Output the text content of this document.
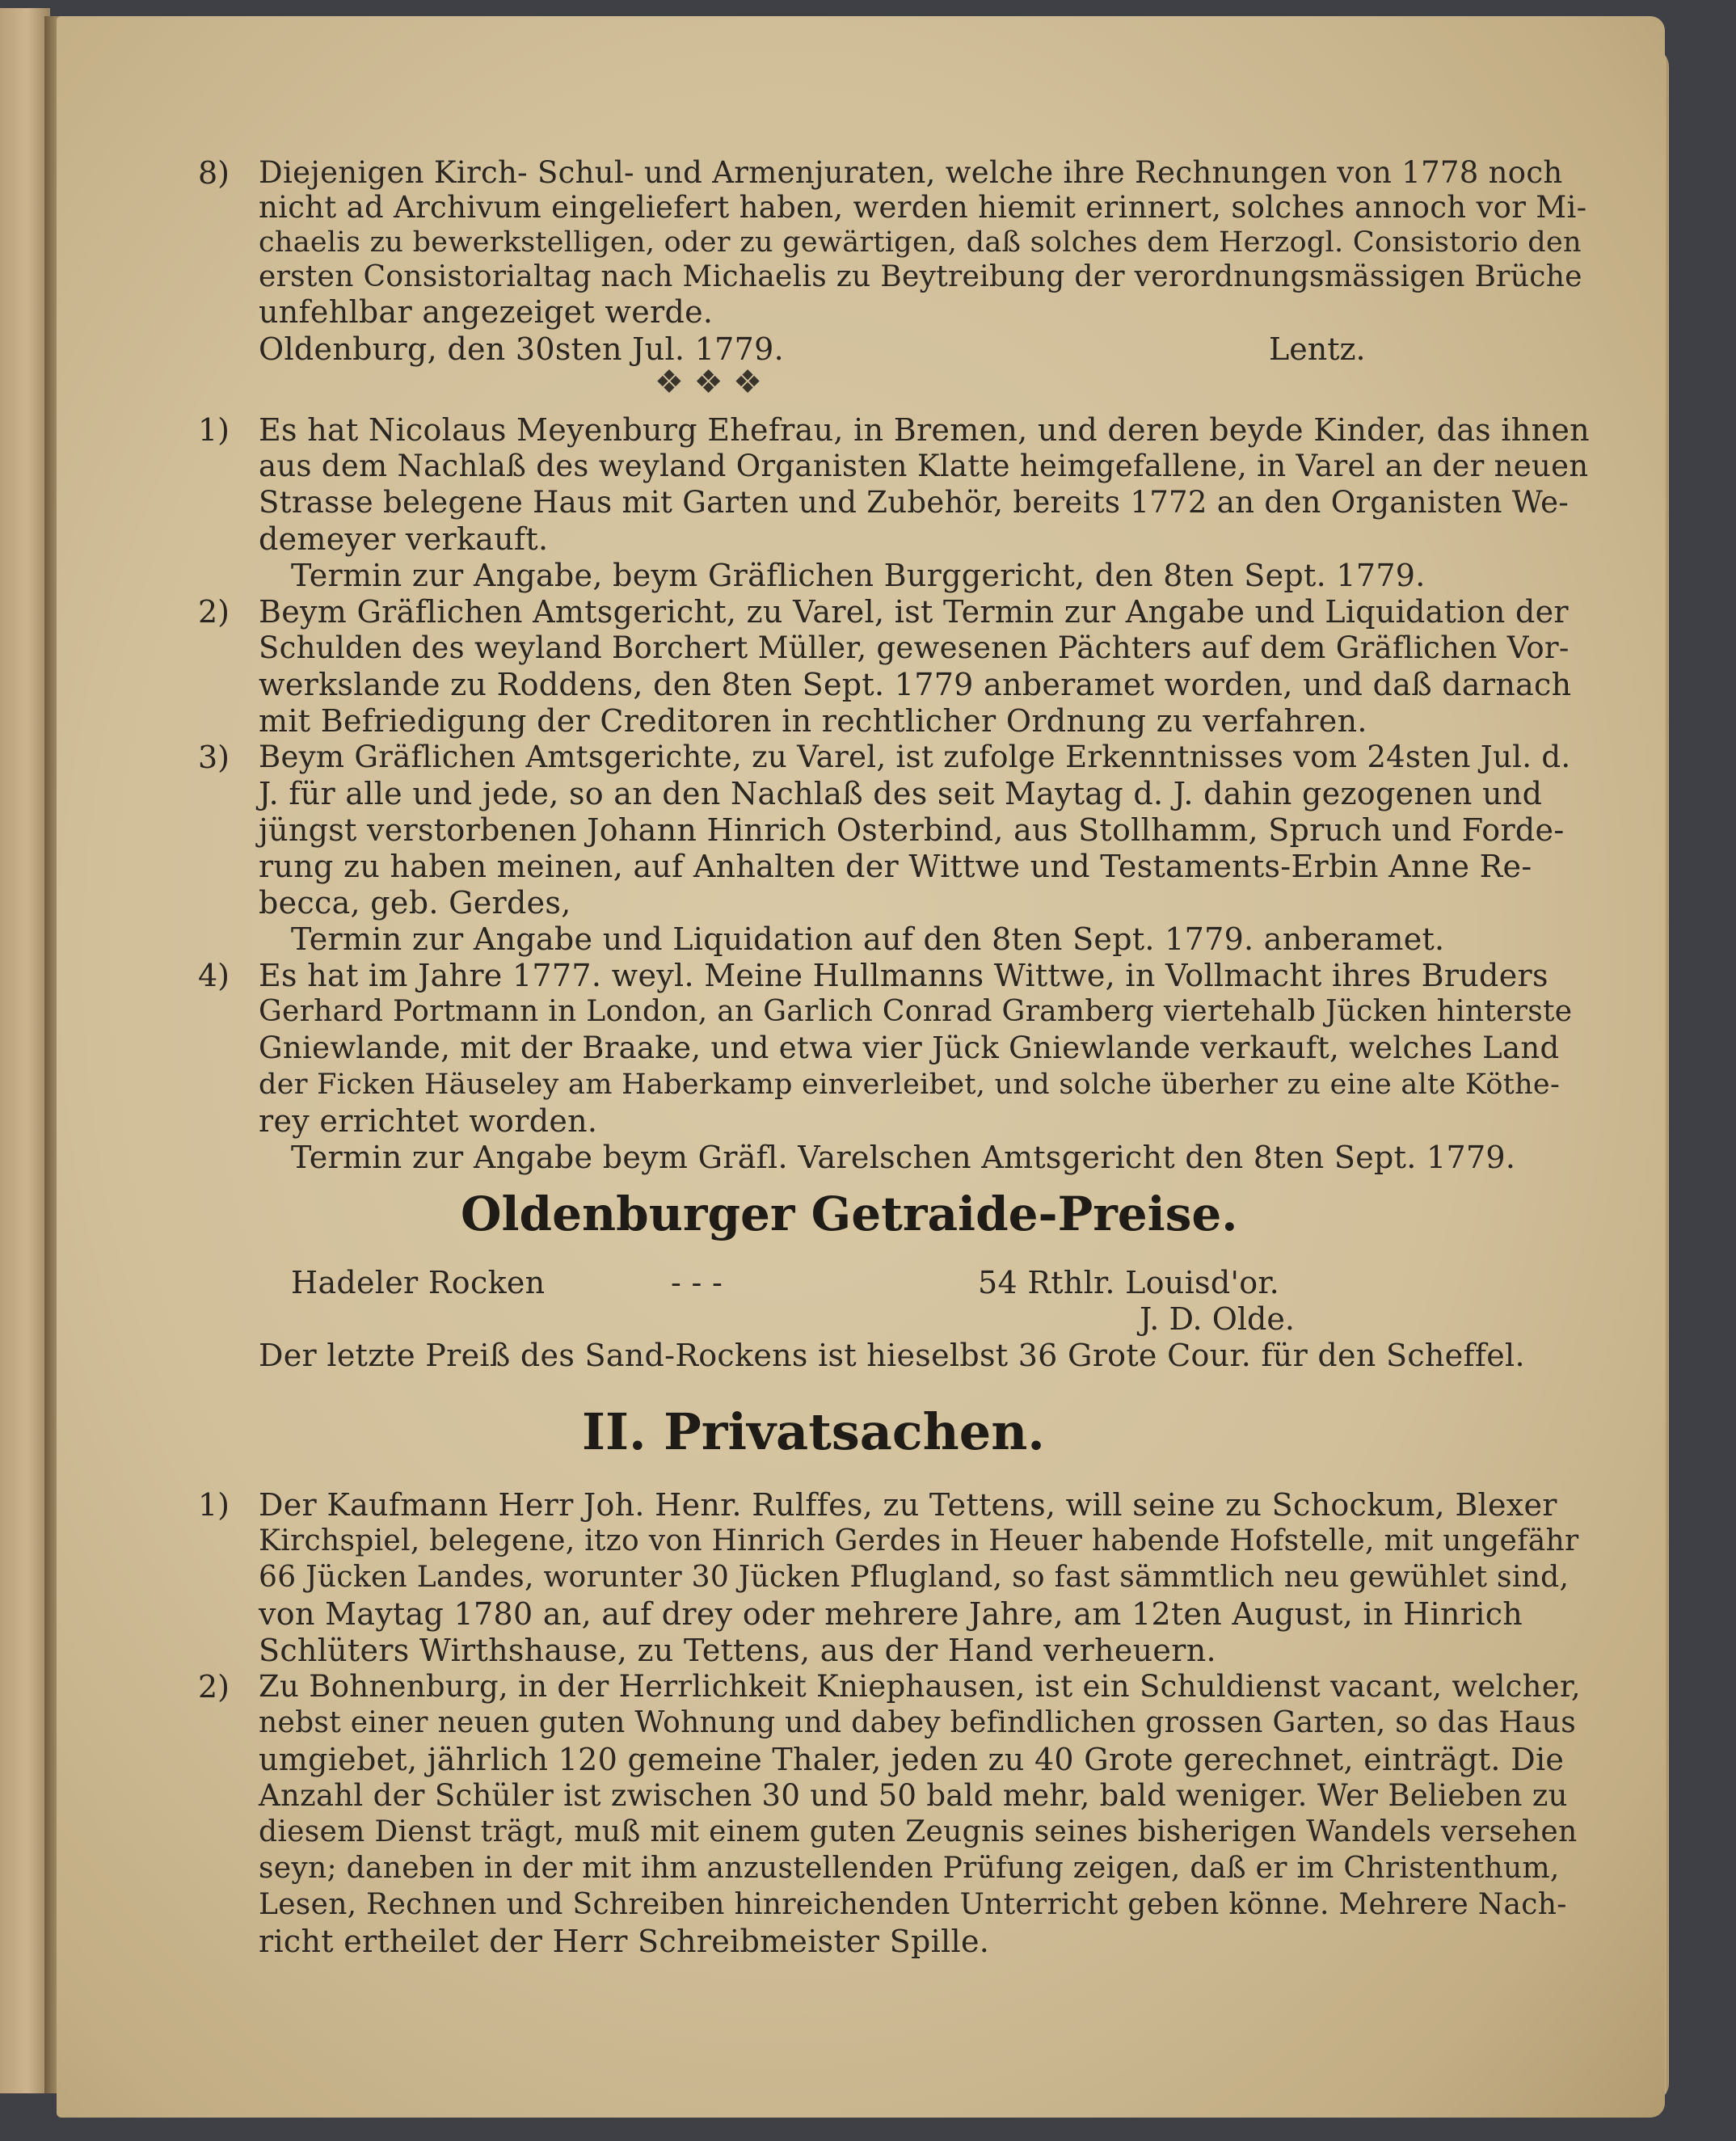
8) Diejenigen Kirch- Schul- und Armenjuraten, welche ihre Rechnungen von 1778 noch
nicht ad Archivum eingeliefert haben, werden hiemit erinnert, solches annoch vor Mi-
chaelis zu bewerkstelligen, oder zu gewärtigen, daß solches dem Herzogl. Consistorio den
ersten Consistorialtag nach Michaelis zu Beytreibung der verordnungsmässigen Brüche
unfehlbar angezeiget werde.
Oldenburg, den 30sten Jul. 1779.	Lentz.
❖ ❖ ❖
1) Es hat Nicolaus Meyenburg Ehefrau, in Bremen, und deren beyde Kinder, das ihnen
aus dem Nachlaß des weyland Organisten Klatte heimgefallene, in Varel an der neuen
Strasse belegene Haus mit Garten und Zubehör, bereits 1772 an den Organisten We-
demeyer verkauft.
Termin zur Angabe, beym Gräflichen Burggericht, den 8ten Sept. 1779.
2) Beym Gräflichen Amtsgericht, zu Varel, ist Termin zur Angabe und Liquidation der
Schulden des weyland Borchert Müller, gewesenen Pächters auf dem Gräflichen Vor-
werkslande zu Roddens, den 8ten Sept. 1779 anberamet worden, und daß darnach
mit Befriedigung der Creditoren in rechtlicher Ordnung zu verfahren.
3) Beym Gräflichen Amtsgerichte, zu Varel, ist zufolge Erkenntnisses vom 24sten Jul. d.
J. für alle und jede, so an den Nachlaß des seit Maytag d. J. dahin gezogenen und
jüngst verstorbenen Johann Hinrich Osterbind, aus Stollhamm, Spruch und Forde-
rung zu haben meinen, auf Anhalten der Wittwe und Testaments-Erbin Anne Re-
becca, geb. Gerdes,
Termin zur Angabe und Liquidation auf den 8ten Sept. 1779. anberamet.
4) Es hat im Jahre 1777. weyl. Meine Hullmanns Wittwe, in Vollmacht ihres Bruders
Gerhard Portmann in London, an Garlich Conrad Gramberg viertehalb Jücken hinterste
Gniewlande, mit der Braake, und etwa vier Jück Gniewlande verkauft, welches Land
der Ficken Häuseley am Haberkamp einverleibet, und solche überher zu eine alte Köthe-
rey errichtet worden.
Termin zur Angabe beym Gräfl. Varelschen Amtsgericht den 8ten Sept. 1779.
Oldenburger Getraide-Preise.
Hadeler Rocken	- - -	54 Rthlr. Louisd'or.
J. D. Olde.
Der letzte Preiß des Sand-Rockens ist hieselbst 36 Grote Cour. für den Scheffel.
II. Privatsachen.
1) Der Kaufmann Herr Joh. Henr. Rulffes, zu Tettens, will seine zu Schockum, Blexer
Kirchspiel, belegene, itzo von Hinrich Gerdes in Heuer habende Hofstelle, mit ungefähr
66 Jücken Landes, worunter 30 Jücken Pflugland, so fast sämmtlich neu gewühlet sind,
von Maytag 1780 an, auf drey oder mehrere Jahre, am 12ten August, in Hinrich
Schlüters Wirthshause, zu Tettens, aus der Hand verheuern.
2) Zu Bohnenburg, in der Herrlichkeit Kniephausen, ist ein Schuldienst vacant, welcher,
nebst einer neuen guten Wohnung und dabey befindlichen grossen Garten, so das Haus
umgiebet, jährlich 120 gemeine Thaler, jeden zu 40 Grote gerechnet, einträgt. Die
Anzahl der Schüler ist zwischen 30 und 50 bald mehr, bald weniger. Wer Belieben zu
diesem Dienst trägt, muß mit einem guten Zeugnis seines bisherigen Wandels versehen
seyn; daneben in der mit ihm anzustellenden Prüfung zeigen, daß er im Christenthum,
Lesen, Rechnen und Schreiben hinreichenden Unterricht geben könne. Mehrere Nach-
richt ertheilet der Herr Schreibmeister Spille.
